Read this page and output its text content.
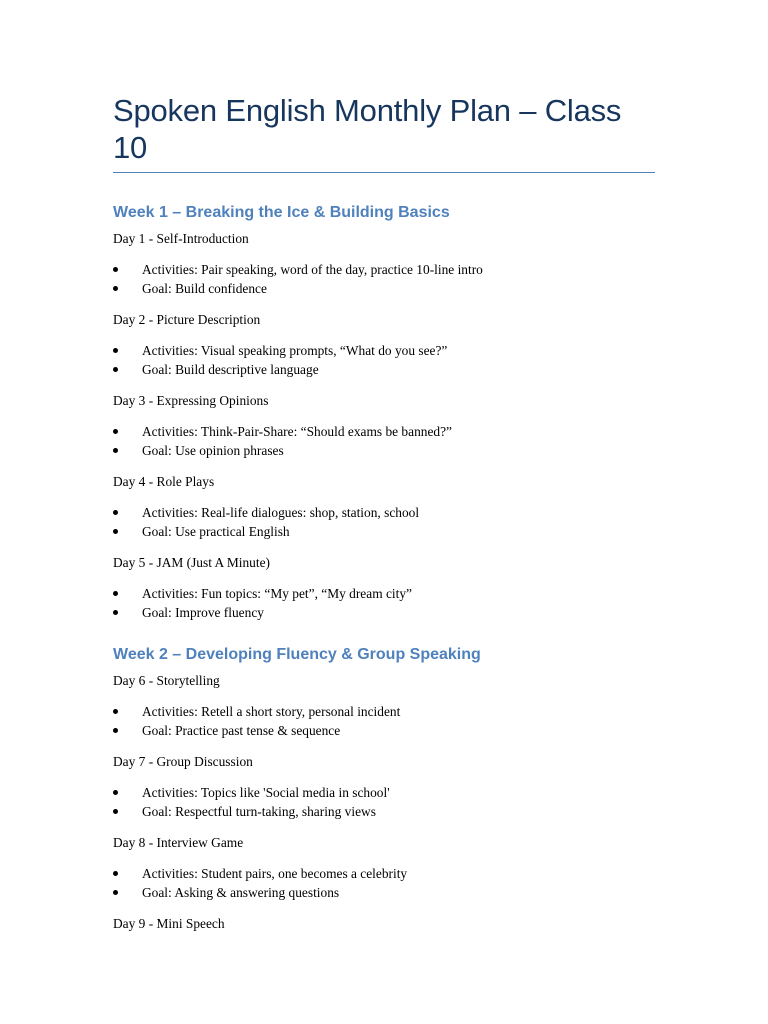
Spoken English Monthly Plan – Class 10
Week 1 – Breaking the Ice & Building Basics
Day 1 - Self-Introduction
Activities: Pair speaking, word of the day, practice 10-line intro
Goal: Build confidence
Day 2 - Picture Description
Activities: Visual speaking prompts, “What do you see?”
Goal: Build descriptive language
Day 3 - Expressing Opinions
Activities: Think-Pair-Share: “Should exams be banned?”
Goal: Use opinion phrases
Day 4 - Role Plays
Activities: Real-life dialogues: shop, station, school
Goal: Use practical English
Day 5 - JAM (Just A Minute)
Activities: Fun topics: “My pet”, “My dream city”
Goal: Improve fluency
Week 2 – Developing Fluency & Group Speaking
Day 6 - Storytelling
Activities: Retell a short story, personal incident
Goal: Practice past tense & sequence
Day 7 - Group Discussion
Activities: Topics like 'Social media in school'
Goal: Respectful turn-taking, sharing views
Day 8 - Interview Game
Activities: Student pairs, one becomes a celebrity
Goal: Asking & answering questions
Day 9 - Mini Speech
